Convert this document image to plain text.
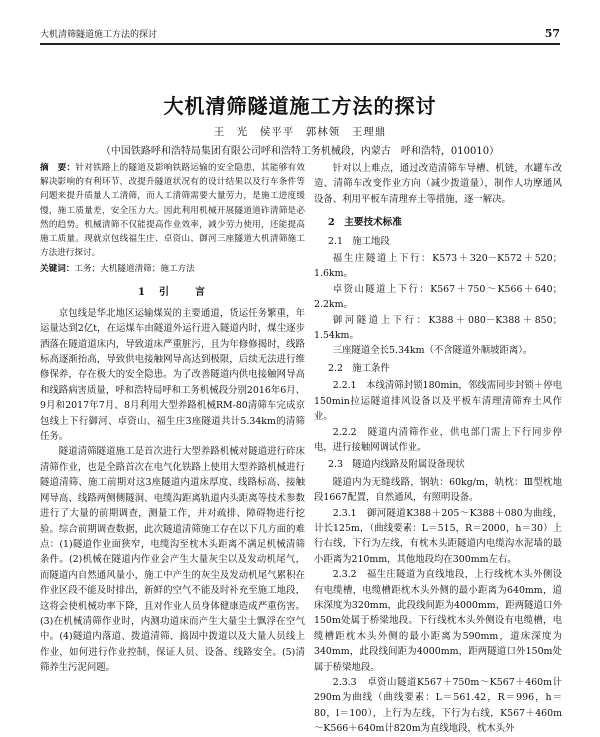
大机清筛隧道施工方法的探讨	57
大机清筛隧道施工方法的探讨
王　光　侯平平　郭林领　王理鼎
（中国铁路呼和浩特局集团有限公司呼和浩特工务机械段，内蒙古　呼和浩特，010010）
摘　要：针对铁路上的隧道及影响铁路运输的安全隐患，其能够有效解决影响的有利环节，改提升隧道状况有的设计结果以及行车条件等问题来提升质量人工清筛，而人工清筛需要大量劳力，是施工进度缓慢，施工质量差，安全压力大。因此利用机械开展隧道道砟清筛是必然的趋势。机械清筛不仅能提高作业效率，减少劳力使用，还能提高施工质量。现就京包线福生庄、卓资山、御河三座隧道大机清筛施工方法进行探讨。
关键词：工务；大机隧道清筛；施工方法
1　引　　言

京包线是华北地区运输煤炭的主要通道，货运任务繁重，年运量达到2亿t，在运煤车由隧道外运行进入隧道内时，煤尘逐步洒落在隧道道床内，导致道床严重脏污，且为年修修揭时，线路标高逐渐抬高，导致供电接触网导高达到极限，后续无法进行维修保养，存在极大的安全隐患。为了改善隧道内供电接触网导高和线路病害质量，呼和浩特局呼和工务机械段分别2016年6月、9月和2017年7月、8月利用大型养路机械RM-80清筛车完成京包线上下行御河、卓资山、福生庄3座隧道共计5.34km的清筛任务。

隧道清筛隧道施工是首次进行大型养路机械对隧道进行砟床清筛作业，也是全路首次在电气化铁路上使用大型养路机械进行隧道清筛、施工前期对这3座隧道内道床厚度、线路标高、接触网导高、线路两侧侧隧洞、电缆沟距离轨道内头距离等技术参数进行了大量的前期调查，测量工作，并对疏排、障碍物进行挖验。综合前期调查数据，此次隧道清筛施工存在以下几方面的难点：(1)隧道作业面狭窄，电缆沟至枕木头距离不满足机械清筛条件。(2)机械在隧道内作业会产生大量灰尘以及发动机尾气，而隧道内自然通风量小，施工中产生的灰尘及发动机尾气累积在作业区段不能及时排出，新鲜的空气不能及时补充至施工地段，这将会使机械功率下降，且对作业人员身体健康造成严重伤害。(3)在机械清筛作业时，内测功道床而产生大量尘土飘浮在空气中。(4)隧道内落道、拨道清筛、捣固中拨道以及大量人员线上作业，如何进行作业控制，保证人员、设备、线路安全。(5)清筛养生污泥问题。

针对以上难点，通过改造清筛车导槽、机链，水罐车改造、清筛车改变作业方向（减少拨道量），制作人功摩通风设备、利用平板车清理弃土等措施，逐一解决。

2　主要技术标准
2.1　施工地段

福生庄隧道上下行：K573＋320－K572＋520；1.6km。

卓资山隧道上下行：K567＋750～K566＋640；2.2km。

御河隧道上下行：K388＋080－K388＋850；1.54km。

三座隧道全长5.34km（不含隧道外顺坡距离）。

2.2　施工条件

2.2.1　本线清筛封锁180min，邻线需同步封锁＋停电150min拉运隧道排风设备以及平板车清理清筛弃土风作业。

2.2.2　隧道内清筛作业，供电部门需上下行同步停电，进行接触网调试作业。

2.3　隧道内线路及附属设备现状

隧道内为无缝线路，钢轨：60kg/m，轨枕：Ⅲ型枕地段1667配置，自然通风，有照明设备。

2.3.1　御河隧道K388＋205～K388＋080为曲线，计长125m，（曲线要素：L＝515，R＝2000，h＝30）上行右线，下行为左线，有枕木头距隧道内电缆沟水泥墙的最小距离为210mm，其他地段均在300mm左右。

2.3.2　福生庄隧道为直线地段，上行线枕木头外侧设有电缆槽，电缆槽距枕木头外侧的最小距离为640mm，道床深度为320mm，此段线间距为4000mm，距两隧道口外150m处属于桥梁地段。下行线枕木头外侧设有电缆槽，电缆槽距枕木头外侧的最小距离为590mm，道床深度为340mm，此段线间距为4000mm，距两隧道口外150m处属于桥梁地段。

2.3.3　卓资山隧道K567＋750m～K567＋460m计290m为曲线（曲线要素：L＝561.42，R＝996，h＝80，l＝100），上行为左线，下行为右线，K567＋460m～K566＋640m计820m为直线地段，枕木头外
